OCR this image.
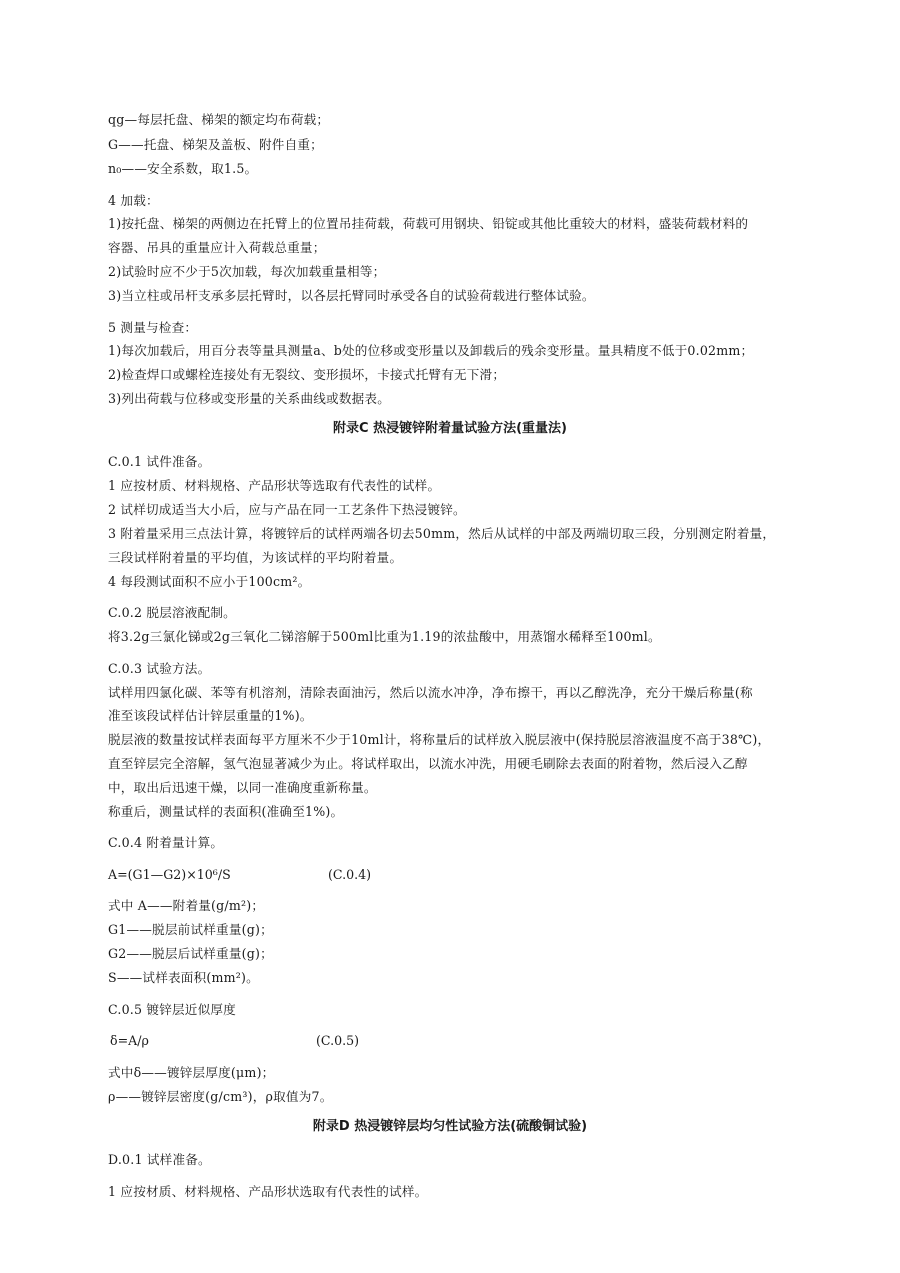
qg—每层托盘、梯架的额定均布荷载；
G——托盘、梯架及盖板、附件自重；
n₀——安全系数，取1.5。
4 加载：
1)按托盘、梯架的两侧边在托臂上的位置吊挂荷载，荷载可用钢块、铅锭或其他比重较大的材料，盛装荷载材料的
容器、吊具的重量应计入荷载总重量；
2)试验时应不少于5次加载，每次加载重量相等；
3)当立柱或吊杆支承多层托臂时，以各层托臂同时承受各自的试验荷载进行整体试验。
5 测量与检查：
1)每次加载后，用百分表等量具测量a、b处的位移或变形量以及卸载后的残余变形量。量具精度不低于0.02mm；
2)检查焊口或螺栓连接处有无裂纹、变形损坏，卡接式托臂有无下滑；
3)列出荷载与位移或变形量的关系曲线或数据表。
附录C 热浸镀锌附着量试验方法(重量法)
C.0.1 试件准备。
1 应按材质、材料规格、产品形状等选取有代表性的试样。
2 试样切成适当大小后，应与产品在同一工艺条件下热浸镀锌。
3 附着量采用三点法计算，将镀锌后的试样两端各切去50mm，然后从试样的中部及两端切取三段，分别测定附着量，
三段试样附着量的平均值，为该试样的平均附着量。
4 每段测试面积不应小于100cm²。
C.0.2 脱层溶液配制。
将3.2g三氯化锑或2g三氧化二锑溶解于500ml比重为1.19的浓盐酸中，用蒸馏水稀释至100ml。
C.0.3 试验方法。
试样用四氯化碳、苯等有机溶剂，清除表面油污，然后以流水冲净，净布擦干，再以乙醇洗净，充分干燥后称量(称
准至该段试样估计锌层重量的1%)。
脱层液的数量按试样表面每平方厘米不少于10ml计，将称量后的试样放入脱层液中(保持脱层溶液温度不高于38℃)，
直至锌层完全溶解，氢气泡显著减少为止。将试样取出，以流水冲洗，用硬毛刷除去表面的附着物，然后浸入乙醇
中，取出后迅速干燥，以同一准确度重新称量。
称重后，测量试样的表面积(准确至1%)。
C.0.4 附着量计算。
A=(G1—G2)×10⁶/S	(C.0.4)
式中 A——附着量(g/m²)；
G1——脱层前试样重量(g)；
G2——脱层后试样重量(g)；
S——试样表面积(mm²)。
C.0.5 镀锌层近似厚度
δ=A/ρ	(C.0.5)
式中δ——镀锌层厚度(μm)；
ρ——镀锌层密度(g/cm³)，ρ取值为7。
附录D 热浸镀锌层均匀性试验方法(硫酸铜试验)
D.0.1 试样准备。
1 应按材质、材料规格、产品形状选取有代表性的试样。
